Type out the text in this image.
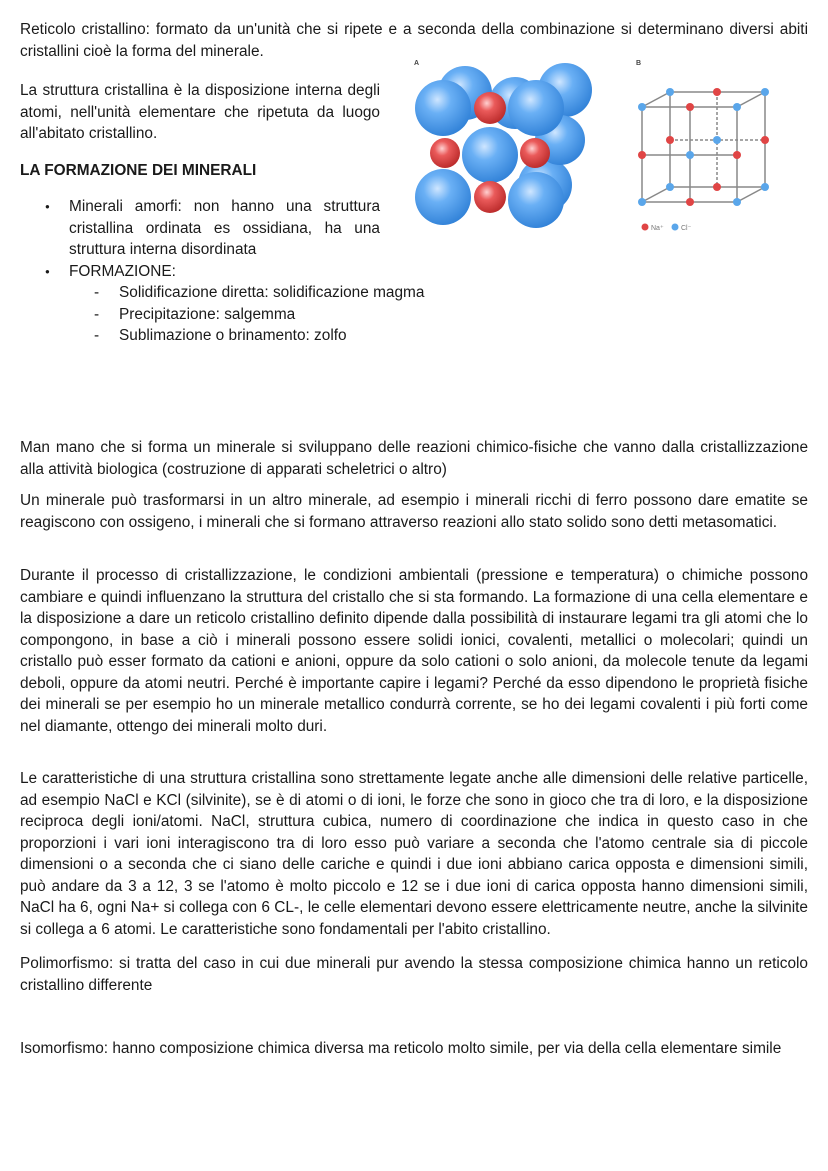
Reticolo cristallino: formato da un'unità che si ripete e a seconda della combinazione si determinano diversi abiti cristallini cioè la forma del minerale.

La struttura cristallina è la disposizione interna degli atomi, nell'unità elementare che ripetuta da luogo all'abitato cristallino.

LA FORMAZIONE DEI MINERALI
● Minerali amorfi: non hanno una struttura cristallina ordinata es ossidiana, ha una struttura interna disordinata
● FORMAZIONE:
- Solidificazione diretta: solidificazione magma
- Precipitazione: salgemma
- Sublimazione o brinamento: zolfo
A	B
Na⁺ Cl⁻

Man mano che si forma un minerale si sviluppano delle reazioni chimico-fisiche che vanno dalla cristallizzazione alla attività biologica (costruzione di apparati scheletrici o altro)

Un minerale può trasformarsi in un altro minerale, ad esempio i minerali ricchi di ferro possono dare ematite se reagiscono con ossigeno, i minerali che si formano attraverso reazioni allo stato solido sono detti metasomatici.

Durante il processo di cristallizzazione, le condizioni ambientali (pressione e temperatura) o chimiche possono cambiare e quindi influenzano la struttura del cristallo che si sta formando. La formazione di una cella elementare e la disposizione a dare un reticolo cristallino definito dipende dalla possibilità di instaurare legami tra gli atomi che lo compongono, in base a ciò i minerali possono essere solidi ionici, covalenti, metallici o molecolari; quindi un cristallo può esser formato da cationi e anioni, oppure da solo cationi o solo anioni, da molecole tenute da legami deboli, oppure da atomi neutri. Perché è importante capire i legami? Perché da esso dipendono le proprietà fisiche dei minerali se per esempio ho un minerale metallico condurrà corrente, se ho dei legami covalenti i più forti come nel diamante, ottengo dei minerali molto duri.

Le caratteristiche di una struttura cristallina sono strettamente legate anche alle dimensioni delle relative particelle, ad esempio NaCl e KCl (silvinite), se è di atomi o di ioni, le forze che sono in gioco che tra di loro, e la disposizione reciproca degli ioni/atomi. NaCl, struttura cubica, numero di coordinazione che indica in questo caso in che proporzioni i vari ioni interagiscono tra di loro esso può variare a seconda che l'atomo centrale sia di piccole dimensioni o a seconda che ci siano delle cariche e quindi i due ioni abbiano carica opposta e dimensioni simili, può andare da 3 a 12, 3 se l'atomo è molto piccolo e 12 se i due ioni di carica opposta hanno dimensioni simili, NaCl ha 6, ogni Na+ si collega con 6 CL-, le celle elementari devono essere elettricamente neutre, anche la silvinite si collega a 6 atomi. Le caratteristiche sono fondamentali per l'abito cristallino.

Polimorfismo: si tratta del caso in cui due minerali pur avendo la stessa composizione chimica hanno un reticolo cristallino differente

Isomorfismo: hanno composizione chimica diversa ma reticolo molto simile, per via della cella elementare simile
